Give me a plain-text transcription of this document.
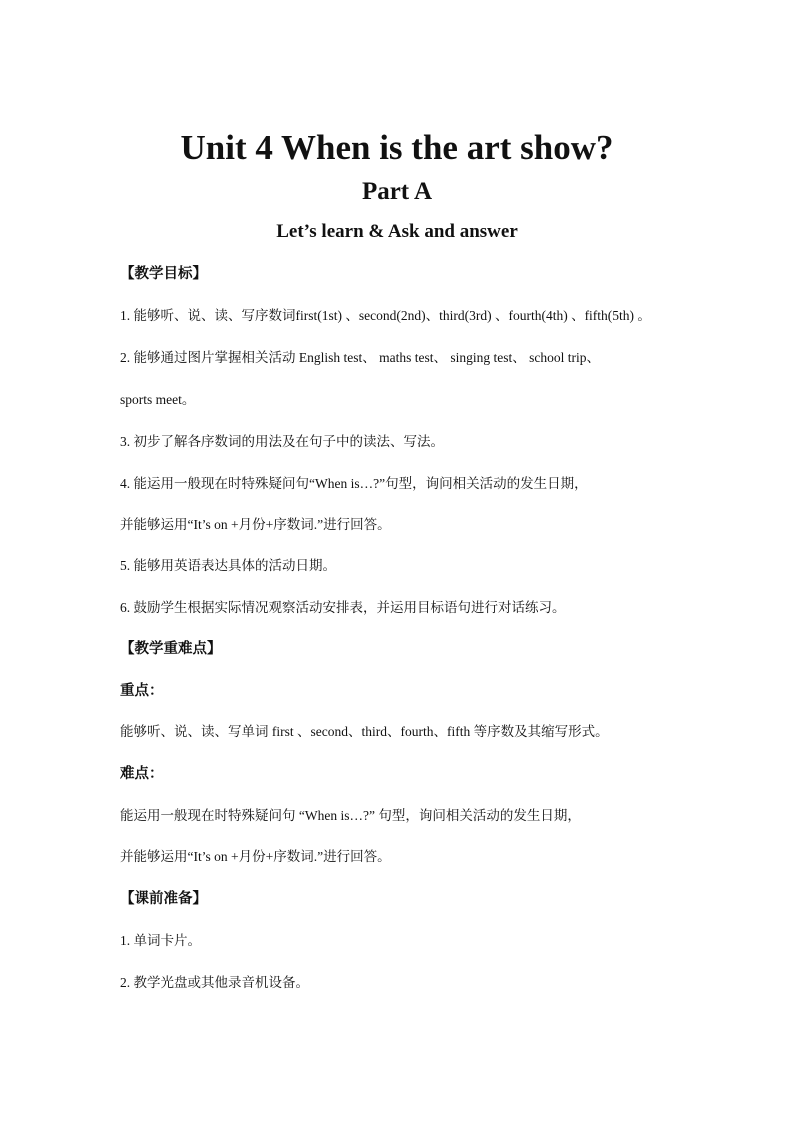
Unit 4 When is the art show?
Part A
Let’s learn & Ask and answer

【教学目标】

1. 能够听、说、读、写序数词first(1st) 、second(2nd)、third(3rd) 、fourth(4th) 、fifth(5th) 。

2. 能够通过图片掌握相关活动 English test、 maths test、 singing test、 school trip、

sports meet。

3. 初步了解各序数词的用法及在句子中的读法、写法。

4. 能运用一般现在时特殊疑问句“When is…?”句型，询问相关活动的发生日期，

并能够运用“It’s on +月份+序数词.”进行回答。

5. 能够用英语表达具体的活动日期。

6. 鼓励学生根据实际情况观察活动安排表，并运用目标语句进行对话练习。

【教学重难点】

重点：

能够听、说、读、写单词 first 、second、third、fourth、fifth 等序数及其缩写形式。

难点：

能运用一般现在时特殊疑问句 “When is…?” 句型，询问相关活动的发生日期，

并能够运用“It’s on +月份+序数词.”进行回答。

【课前准备】

1. 单词卡片。

2. 教学光盘或其他录音机设备。
